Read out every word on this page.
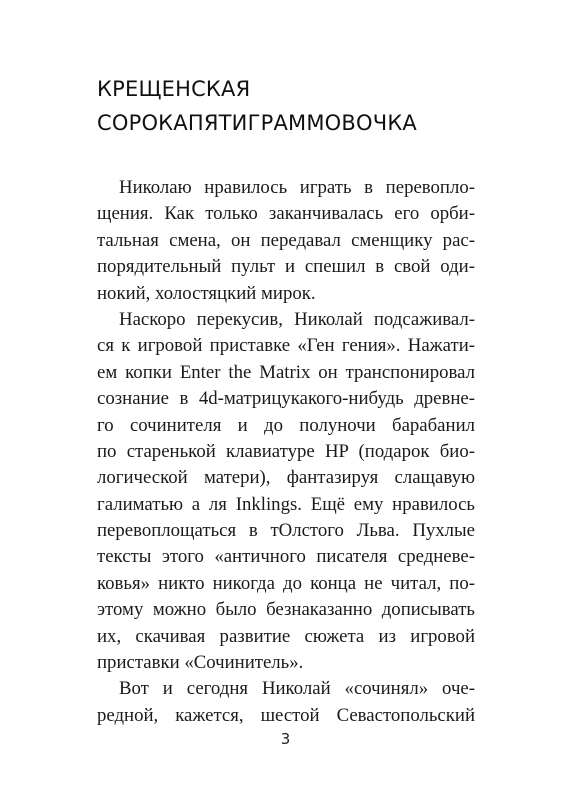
КРЕЩЕНСКАЯ
СОРОКАПЯТИГРАММОВОЧКА
Николаю нравилось играть в перевопло-
щения. Как только заканчивалась его орби-
тальная смена, он передавал сменщику рас-
порядительный пульт и спешил в свой оди-
нокий, холостяцкий мирок.
Наскоро перекусив, Николай подсаживал-
ся к игровой приставке «Ген гения». Нажати-
ем копки Enter the Matrix он транспонировал
сознание в 4d-матрицукакого-нибудь древне-
го сочинителя и до полуночи барабанил
по старенькой клавиатуре HP (подарок био-
логической матери), фантазируя слащавую
галиматью а ля Inklings. Ещё ему нравилось
перевоплощаться в тОлстого Льва. Пухлые
тексты этого «античного писателя средневе-
ковья» никто никогда до конца не читал, по-
этому можно было безнаказанно дописывать
их, скачивая развитие сюжета из игровой
приставки «Сочинитель».
Вот и сегодня Николай «сочинял» оче-
редной, кажется, шестой Севастопольский
3
